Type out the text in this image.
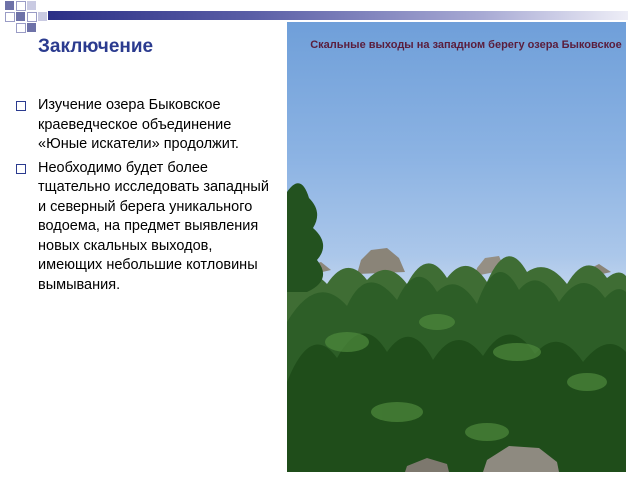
Заключение
Изучение озера Быковское краеведческое объединение «Юные искатели» продолжит.
Необходимо будет более тщательно исследовать западный и северный берега уникального водоема, на предмет выявления новых скальных выходов, имеющих небольшие котловины вымывания.
Скальные выходы на западном берегу озера Быковское
